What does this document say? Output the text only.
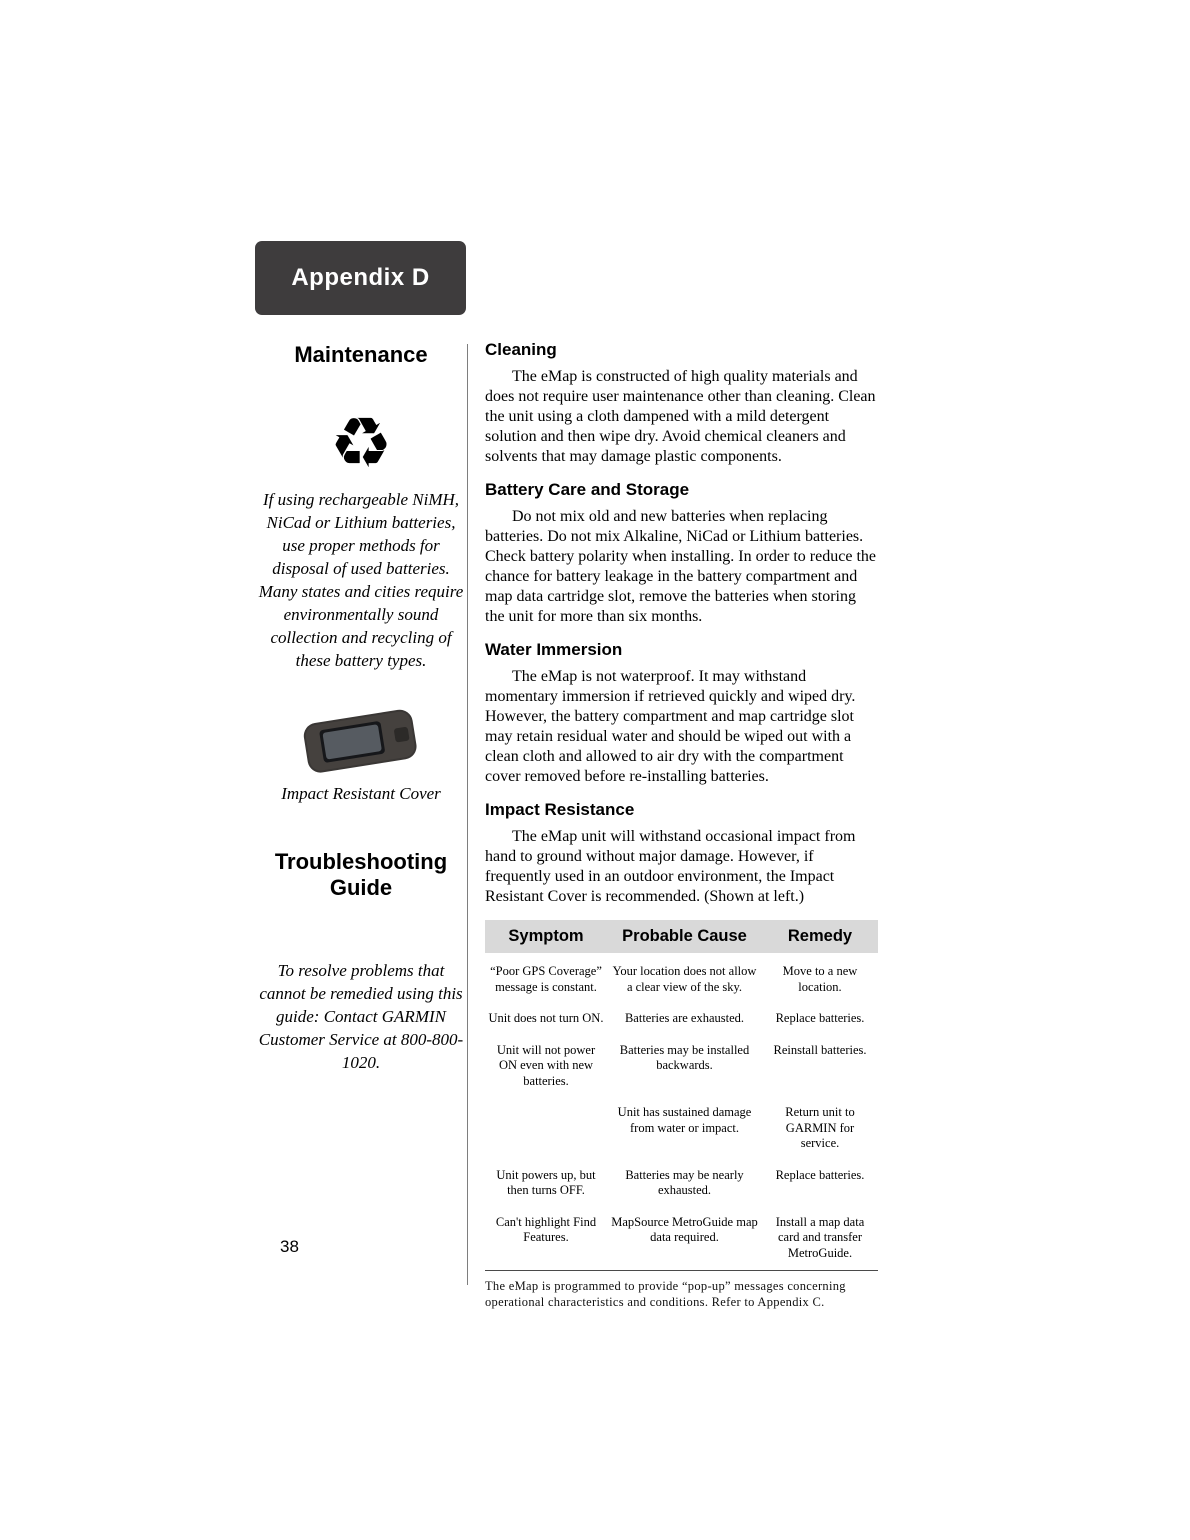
Appendix D
Maintenance
♻

If using rechargeable NiMH, NiCad or Lithium batteries, use proper methods for disposal of used batteries. Many states and cities require environmentally sound collection and recycling of these battery types.

Impact Resistant Cover

Troubleshooting Guide

To resolve problems that cannot be remedied using this guide: Contact GARMIN Customer Service at 800-800-1020.

Cleaning

The eMap is constructed of high quality materials and does not require user maintenance other than cleaning. Clean the unit using a cloth dampened with a mild detergent solution and then wipe dry. Avoid chemical cleaners and solvents that may damage plastic components.

Battery Care and Storage

Do not mix old and new batteries when replacing batteries. Do not mix Alkaline, NiCad or Lithium batteries. Check battery polarity when installing. In order to reduce the chance for battery leakage in the battery compartment and map data cartridge slot, remove the batteries when storing the unit for more than six months.

Water Immersion

The eMap is not waterproof. It may withstand momentary immersion if retrieved quickly and wiped dry. However, the battery compartment and map cartridge slot may retain residual water and should be wiped out with a clean cloth and allowed to air dry with the compartment cover removed before re-installing batteries.

Impact Resistance

The eMap unit will withstand occasional impact from hand to ground without major damage. However, if frequently used in an outdoor environment, the Impact Resistant Cover is recommended. (Shown at left.)

Symptom	Probable Cause	Remedy
“Poor GPS Coverage” message is constant.	Your location does not allow a clear view of the sky.	Move to a new location.
Unit does not turn ON.	Batteries are exhausted.	Replace batteries.
Unit will not power ON even with new batteries.	Batteries may be installed backwards.	Reinstall batteries.
	Unit has sustained damage from water or impact.	Return unit to GARMIN for service.
Unit powers up, but then turns OFF.	Batteries may be nearly exhausted.	Replace batteries.
Can't highlight Find Features.	MapSource MetroGuide map data required.	Install a map data card and transfer MetroGuide.

The eMap is programmed to provide “pop-up” messages concerning operational characteristics and conditions. Refer to Appendix C.

38
